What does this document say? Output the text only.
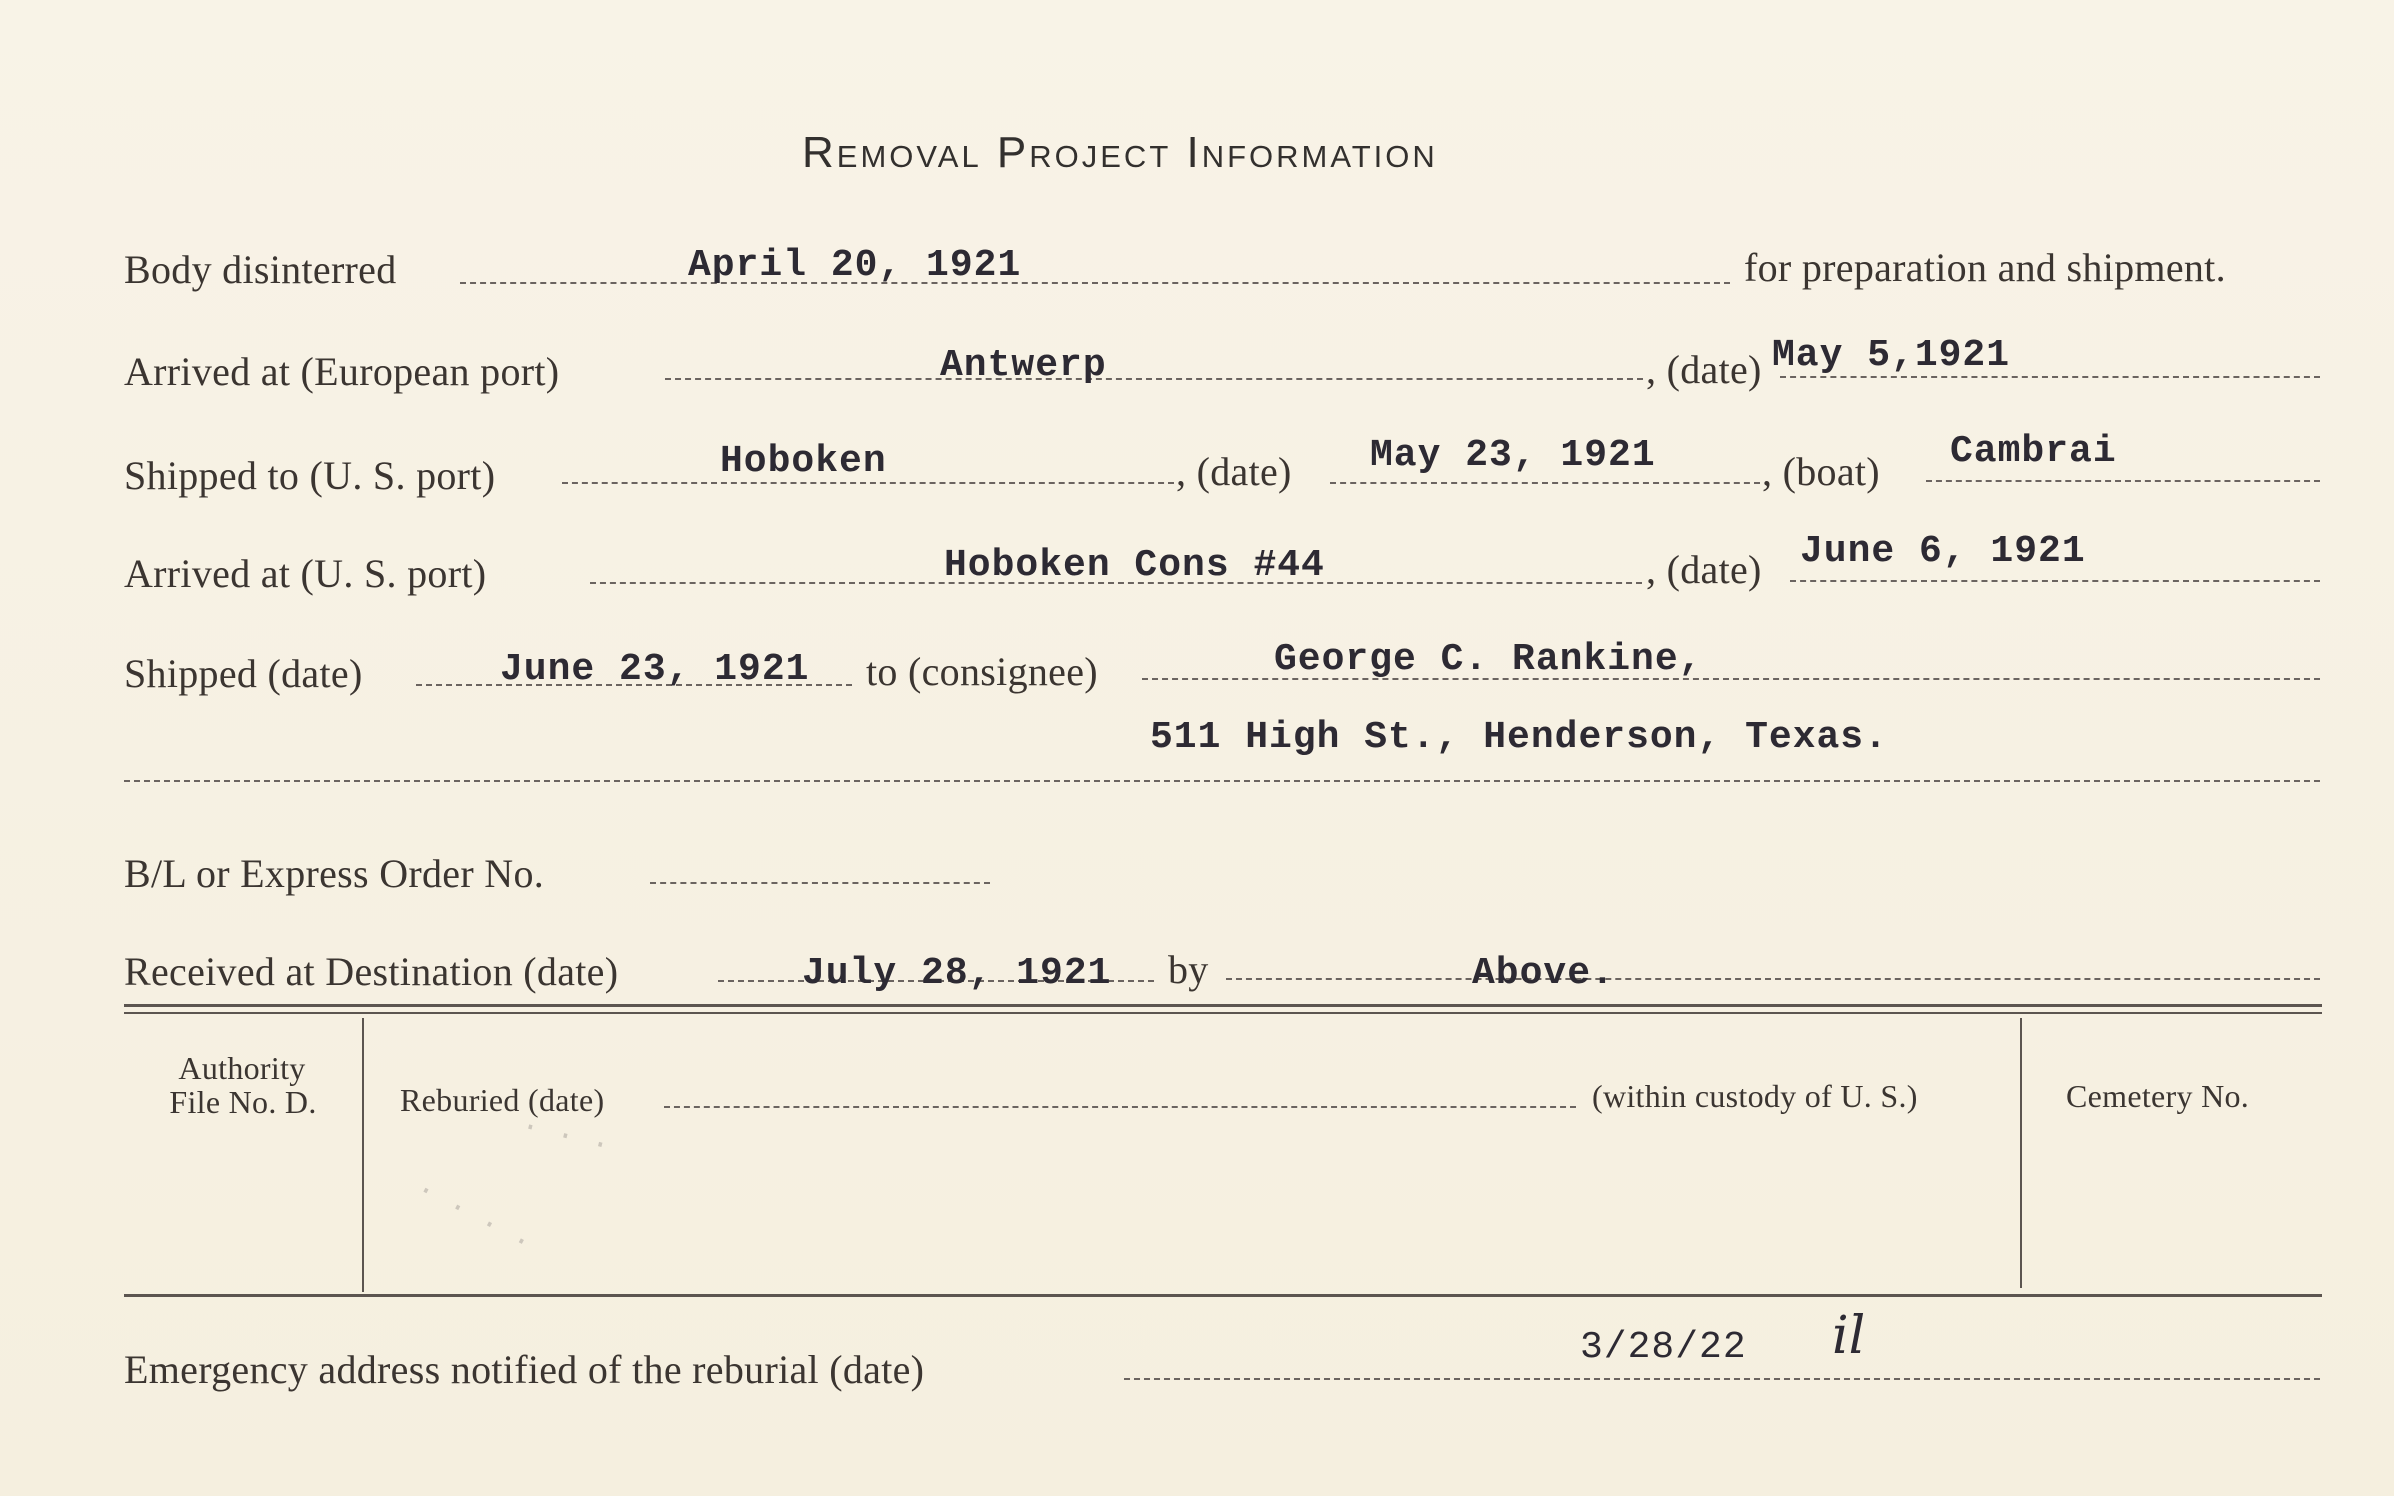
Removal Project Information
Body disinterred	April 20, 1921	for preparation and shipment.
Arrived at (European port)	Antwerp	, (date) May 5,1921
Shipped to (U. S. port)	Hoboken	, (date) May 23, 1921	, (boat) Cambrai
Arrived at (U. S. port)	Hoboken Cons #44	, (date) June 6, 1921
Shipped (date)	June 23, 1921 to (consignee)	George C. Rankine,
511 High St., Henderson, Texas.
B/L or Express Order No.
Received at Destination (date)	July 28, 1921 by	Above.
Authority
File No. D.	Reburied (date)	(within custody of U. S.)	Cemetery No.
· · ·
· · · ·
Emergency address notified of the reburial (date)	3/28/22 il
